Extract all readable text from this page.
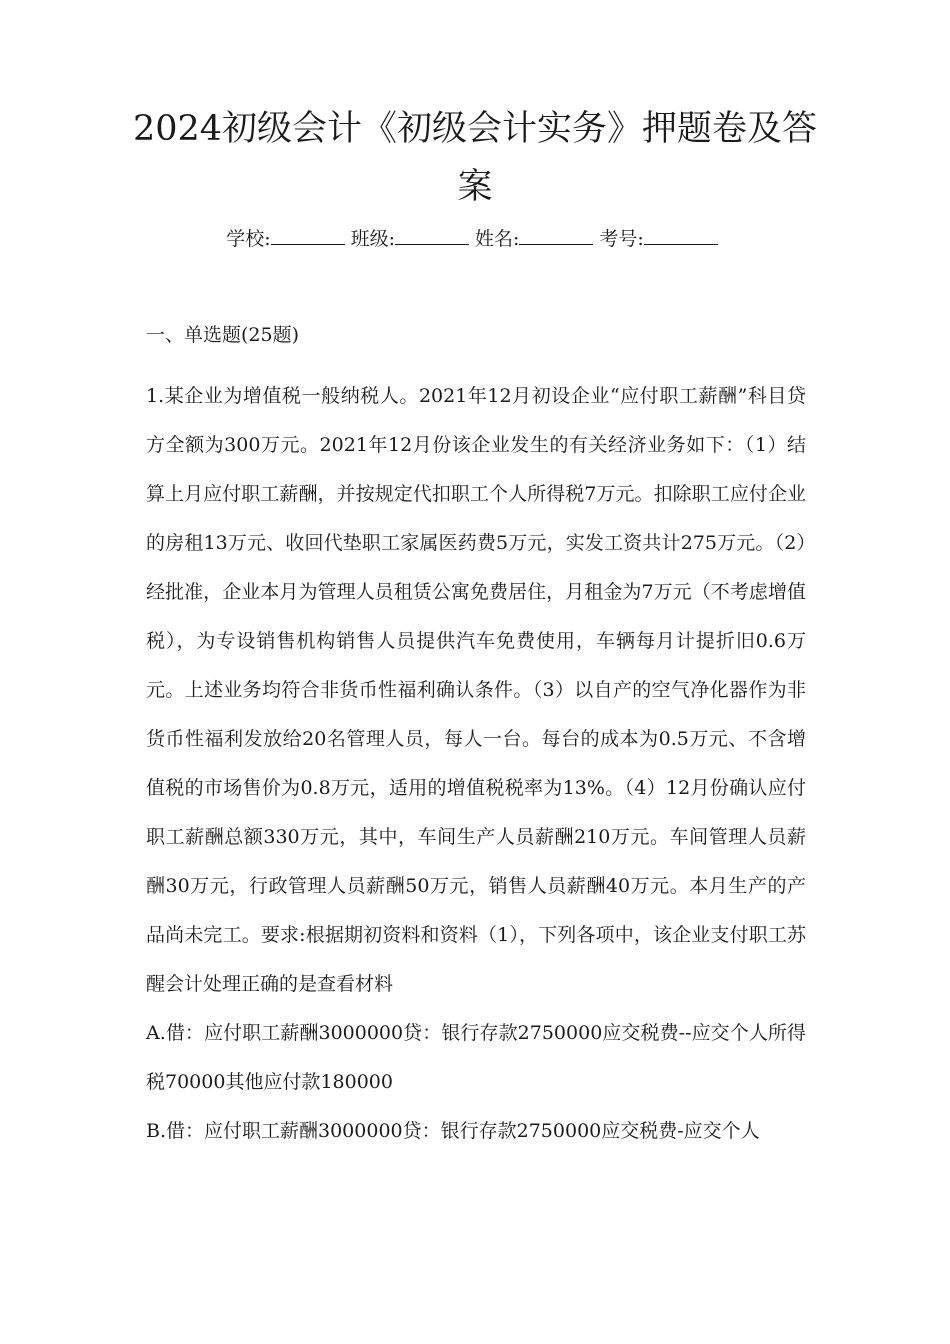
2024初级会计《初级会计实务》押题卷及答案
学校:	班级:	姓名:	考号:
一、单选题(25题)

1.某企业为增值税一般纳税人。2021年12月初设企业“应付职工薪酬”科目贷方全额为300万元。2021年12月份该企业发生的有关经济业务如下：（1）结算上月应付职工薪酬，并按规定代扣职工个人所得税7万元。扣除职工应付企业的房租13万元、收回代垫职工家属医药费5万元，实发工资共计275万元。（2）经批准，企业本月为管理人员租赁公寓免费居住，月租金为7万元（不考虑增值税），为专设销售机构销售人员提供汽车免费使用，车辆每月计提折旧0.6万元。上述业务均符合非货币性福利确认条件。（3）以自产的空气净化器作为非货币性福利发放给20名管理人员，每人一台。每台的成本为0.5万元、不含增值税的市场售价为0.8万元，适用的增值税税率为13%。（4）12月份确认应付职工薪酬总额330万元，其中，车间生产人员薪酬210万元。车间管理人员薪酬30万元，行政管理人员薪酬50万元，销售人员薪酬40万元。本月生产的产品尚未完工。要求:根据期初资料和资料（1），下列各项中，该企业支付职工苏醒会计处理正确的是查看材料

A.借：应付职工薪酬3000000贷：银行存款2750000应交税费--应交个人所得税70000其他应付款180000

B.借：应付职工薪酬3000000贷：银行存款2750000应交税费-应交个人
